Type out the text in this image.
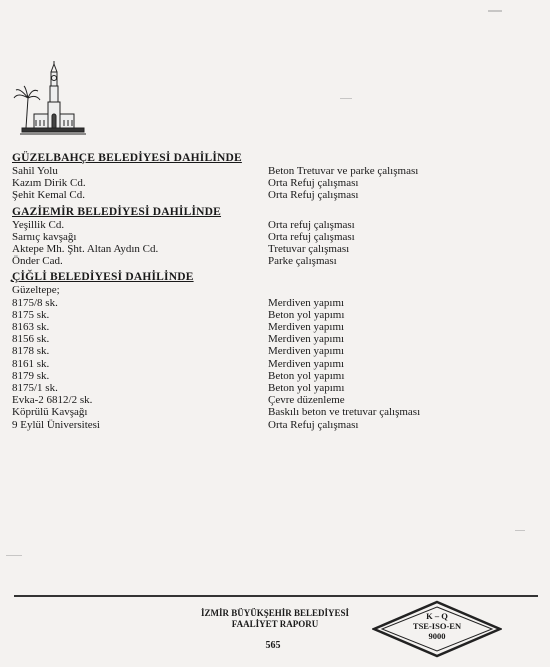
GÜZELBAHÇE BELEDİYESİ DAHİLİNDE
Sahil Yolu	Beton Tretuvar ve parke çalışması
Kazım Dirik Cd.	Orta Refuj çalışması
Şehit Kemal Cd.	Orta Refuj çalışması
GAZİEMİR BELEDİYESİ DAHİLİNDE
Yeşillik Cd.	Orta refuj çalışması
Sarnıç kavşağı	Orta refuj çalışması
Aktepe Mh. Şht. Altan Aydın Cd.	Tretuvar çalışması
Önder Cad.	Parke çalışması
ÇİĞLİ BELEDİYESİ DAHİLİNDE
Güzeltepe;
8175/8 sk.	Merdiven yapımı
8175 sk.	Beton yol yapımı
8163 sk.	Merdiven yapımı
8156 sk.	Merdiven yapımı
8178 sk.	Merdiven yapımı
8161 sk.	Merdiven yapımı
8179 sk.	Beton yol yapımı
8175/1 sk.	Beton yol yapımı
Evka-2 6812/2 sk.	Çevre düzenleme
Köprülü Kavşağı	Baskılı beton ve tretuvar çalışması
9 Eylül Üniversitesi	Orta Refuj çalışması
•
İZMİR BÜYÜKŞEHİR BELEDİYESİ
FAALİYET RAPORU
565
K – Q
TSE-ISO-EN
9000
